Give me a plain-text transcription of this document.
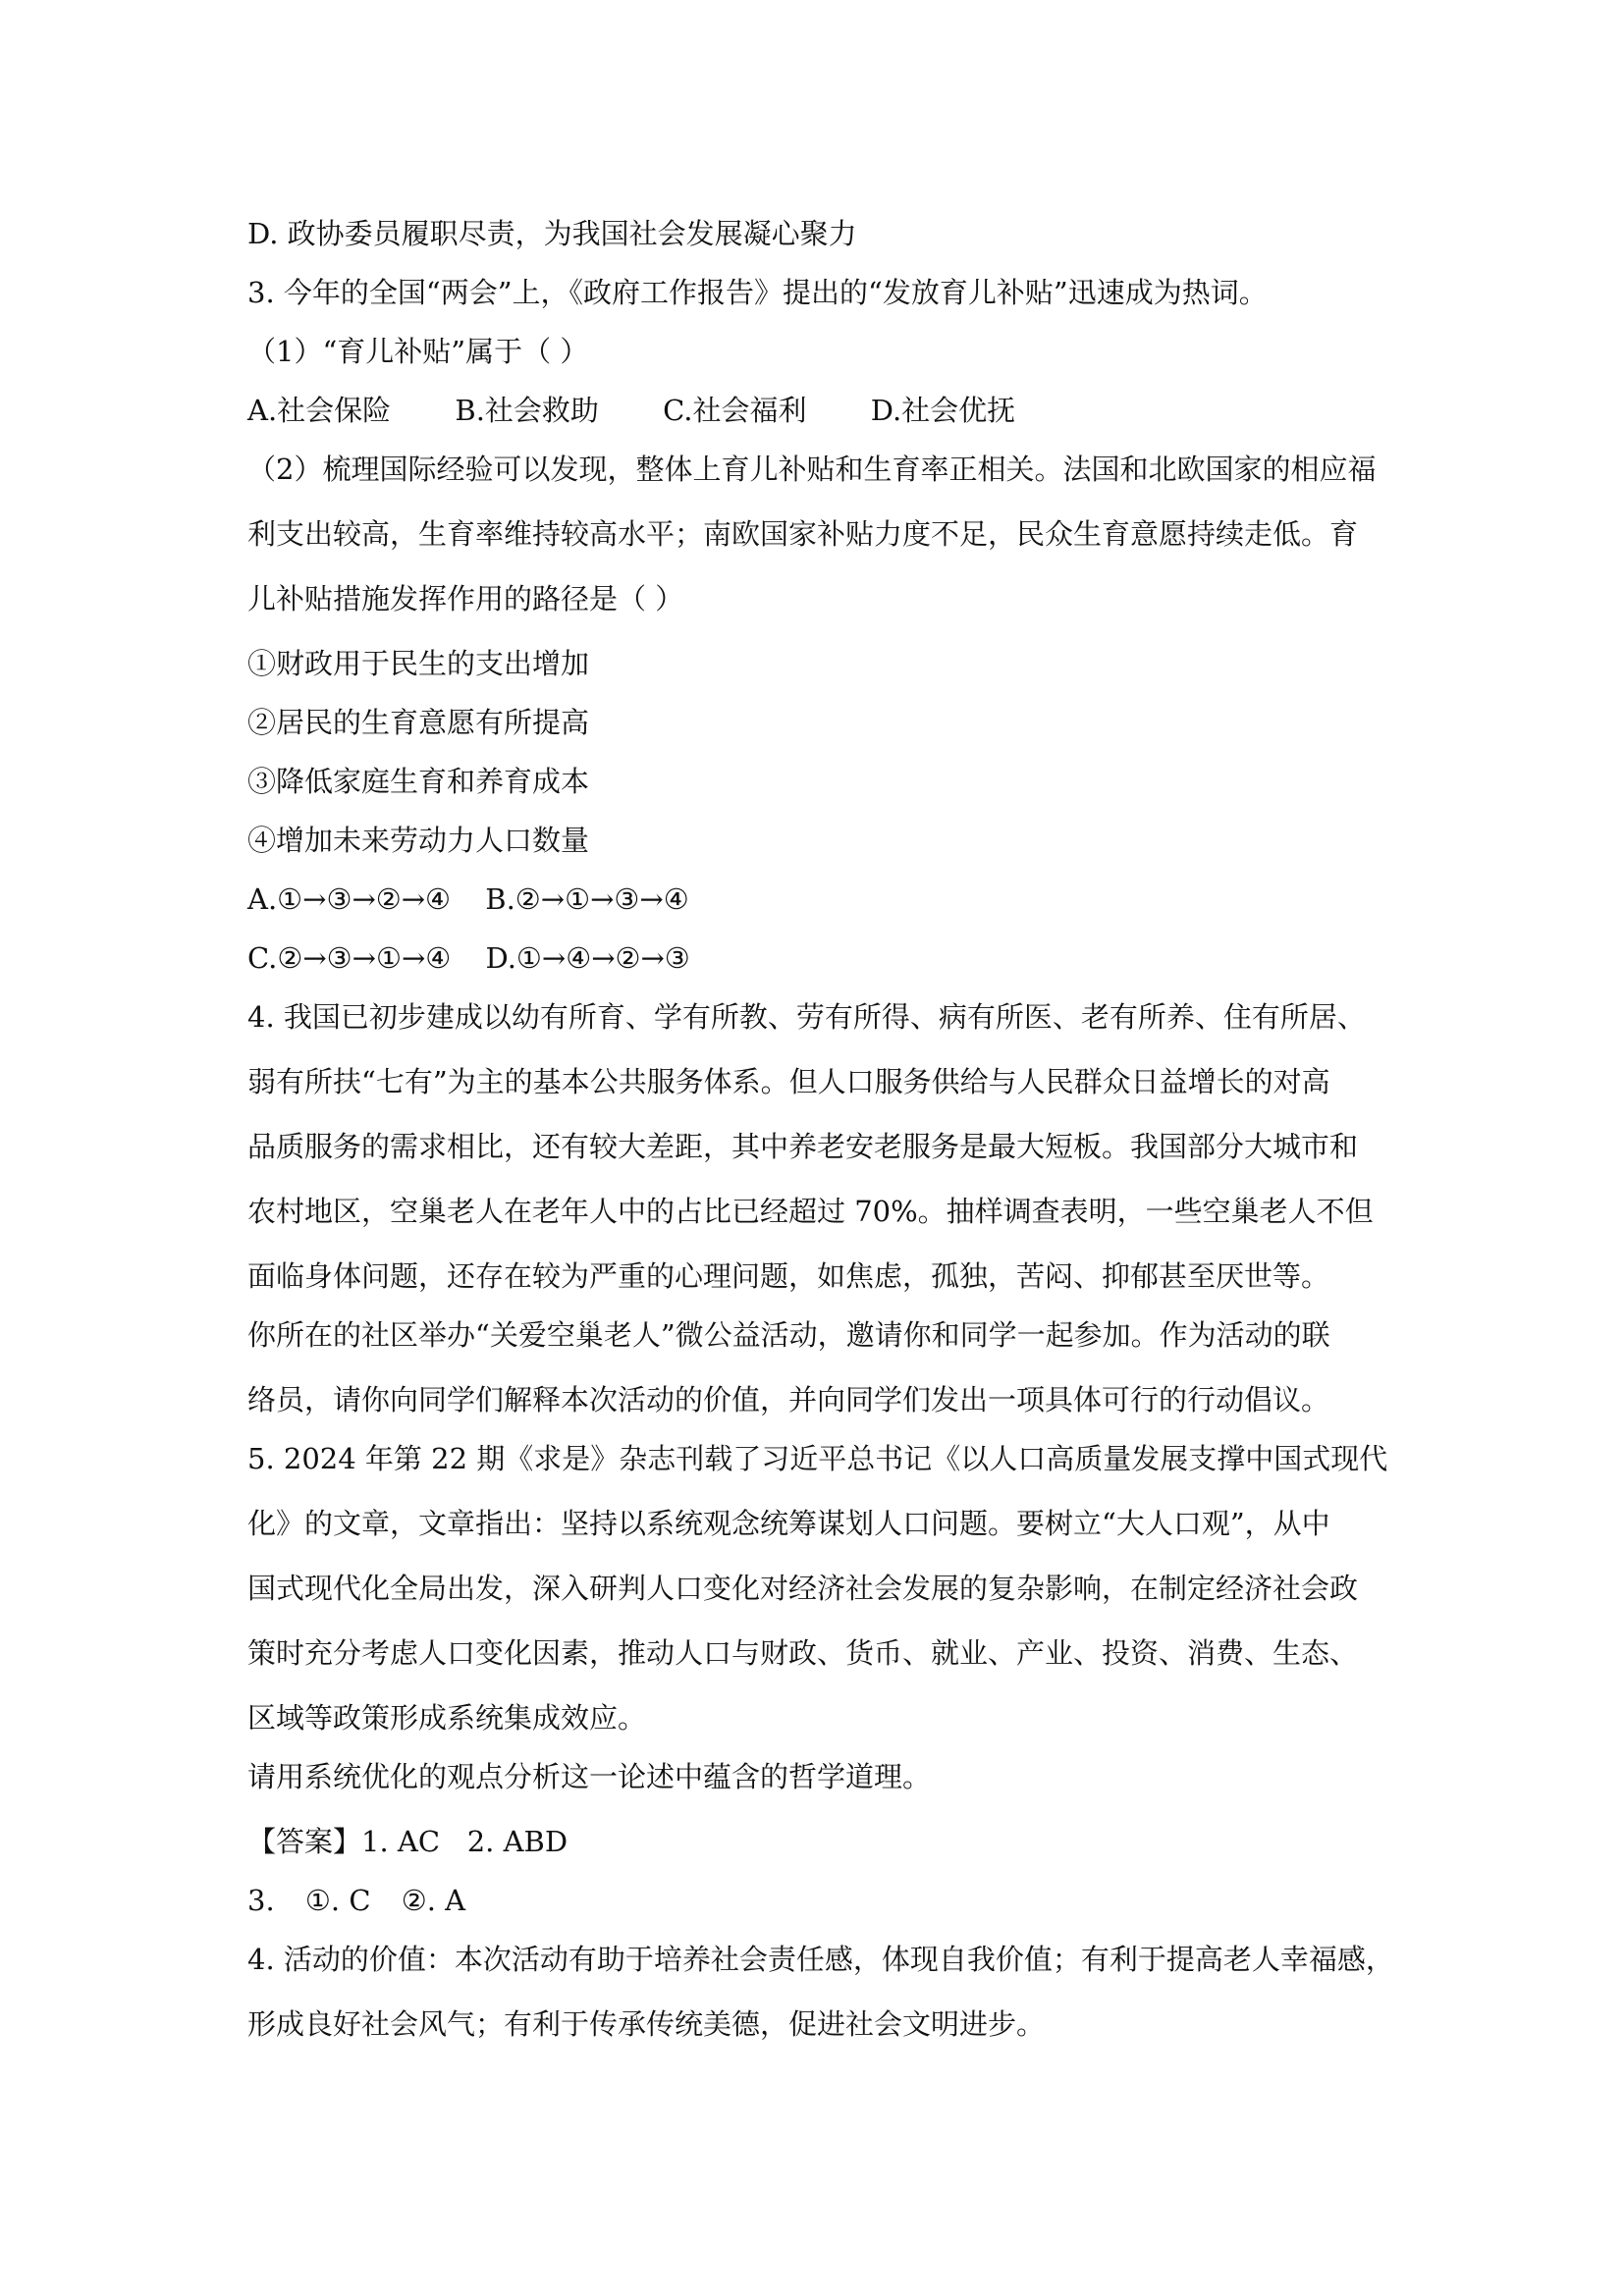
D. 政协委员履职尽责，为我国社会发展凝心聚力

3. 今年的全国“两会”上，《政府工作报告》提出的“发放育儿补贴”迅速成为热词。

（1）“育儿补贴”属于（ ）

A.社会保险 B.社会救助 C.社会福利 D.社会优抚

（2）梳理国际经验可以发现，整体上育儿补贴和生育率正相关。法国和北欧国家的相应福

利支出较高，生育率维持较高水平；南欧国家补贴力度不足，民众生育意愿持续走低。育

儿补贴措施发挥作用的路径是（ ）

①财政用于民生的支出增加

②居民的生育意愿有所提高

③降低家庭生育和养育成本

④增加未来劳动力人口数量

A.①→③→②→④ B.②→①→③→④

C.②→③→①→④ D.①→④→②→③

4. 我国已初步建成以幼有所育、学有所教、劳有所得、病有所医、老有所养、住有所居、

弱有所扶“七有”为主的基本公共服务体系。但人口服务供给与人民群众日益增长的对高

品质服务的需求相比，还有较大差距，其中养老安老服务是最大短板。我国部分大城市和

农村地区，空巢老人在老年人中的占比已经超过 70%。抽样调查表明，一些空巢老人不但

面临身体问题，还存在较为严重的心理问题，如焦虑，孤独，苦闷、抑郁甚至厌世等。

你所在的社区举办“关爱空巢老人”微公益活动，邀请你和同学一起参加。作为活动的联

络员，请你向同学们解释本次活动的价值，并向同学们发出一项具体可行的行动倡议。

5. 2024 年第 22 期《求是》杂志刊载了习近平总书记《以人口高质量发展支撑中国式现代

化》的文章，文章指出：坚持以系统观念统筹谋划人口问题。要树立“大人口观”，从中

国式现代化全局出发，深入研判人口变化对经济社会发展的复杂影响，在制定经济社会政

策时充分考虑人口变化因素，推动人口与财政、货币、就业、产业、投资、消费、生态、

区域等政策形成系统集成效应。

请用系统优化的观点分析这一论述中蕴含的哲学道理。

【答案】1. AC 2. ABD

3. ①. C ②. A

4. 活动的价值：本次活动有助于培养社会责任感，体现自我价值；有利于提高老人幸福感，

形成良好社会风气；有利于传承传统美德，促进社会文明进步。
